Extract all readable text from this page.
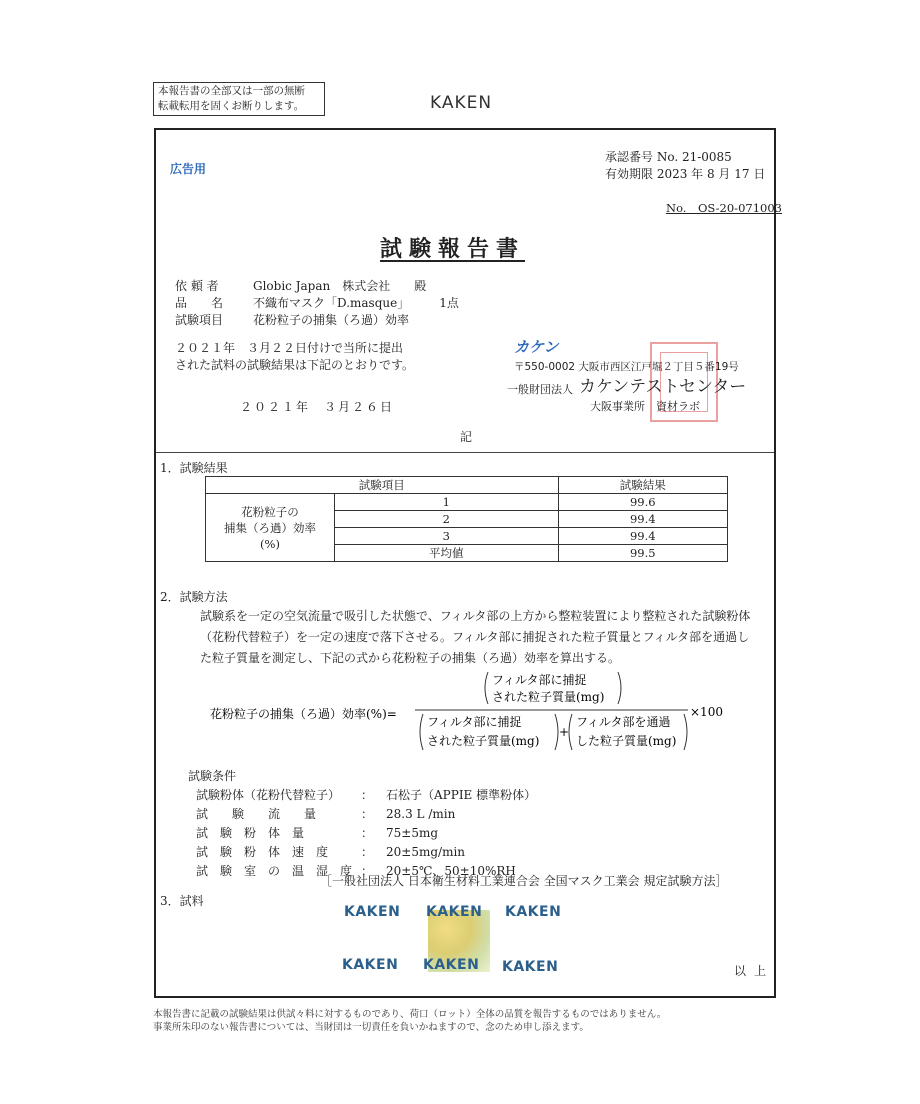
本報告書の全部又は一部の無断
転載転用を固くお断りします。	KAKEN
広告用
承認番号 No. 21-0085
有効期限 2023 年 8 月 17 日
No.　OS-20-071003
試験報告書
依 頼 者	Globic Japan　株式会社　　殿
品　　名	不織布マスク「D.masque」　　　1点
試験項目	花粉粒子の捕集（ろ過）効率
２０２１年　３月２２日付けで当所に提出
された試料の試験結果は下記のとおりです。
２０２１年　３月２６日
カケン
〒550-0002 大阪市西区江戸堀２丁目５番19号
一般財団法人 カケンテストセンター
大阪事業所　資材ラボ
記
1．試験結果
試験項目		試験結果

花粉粒子の
捕集（ろ過）効率
(%)	1	99.6
	2	99.4
	3	99.4
	平均値	99.5
2．試験方法
試験系を一定の空気流量で吸引した状態で、フィルタ部の上方から整粒装置により整粒された試験粉体（花粉代替粒子）を一定の速度で落下させる。フィルタ部に捕捉された粒子質量とフィルタ部を通過した粒子質量を測定し、下記の式から花粉粒子の捕集（ろ過）効率を算出する。
花粉粒子の捕集（ろ過）効率(%)=
フィルタ部に捕捉
された粒子質量(mg)
フィルタ部に捕捉
された粒子質量(mg)
+
フィルタ部を通過
した粒子質量(mg)
×100
試験条件
試験粉体（花粉代替粒子）	：	石松子（APPIE 標準粉体）
試　　験　　流　　量	：	28.3 L /min
試　験　粉　体　量	：	75±5mg
試　験　粉　体　速　度	：	20±5mg/min
試　験　室　の　温　湿　度 ：	20±5℃、50±10%RH
［一般社団法人 日本衛生材料工業連合会 全国マスク工業会 規定試験方法］
3．試料
KAKEN KAKEN KAKEN
KAKEN KAKEN KAKEN	以上
本報告書に記載の試験結果は供試々料に対するものであり、荷口（ロット）全体の品質を報告するものではありません。
事業所朱印のない報告書については、当財団は一切責任を負いかねますので、念のため申し添えます。
